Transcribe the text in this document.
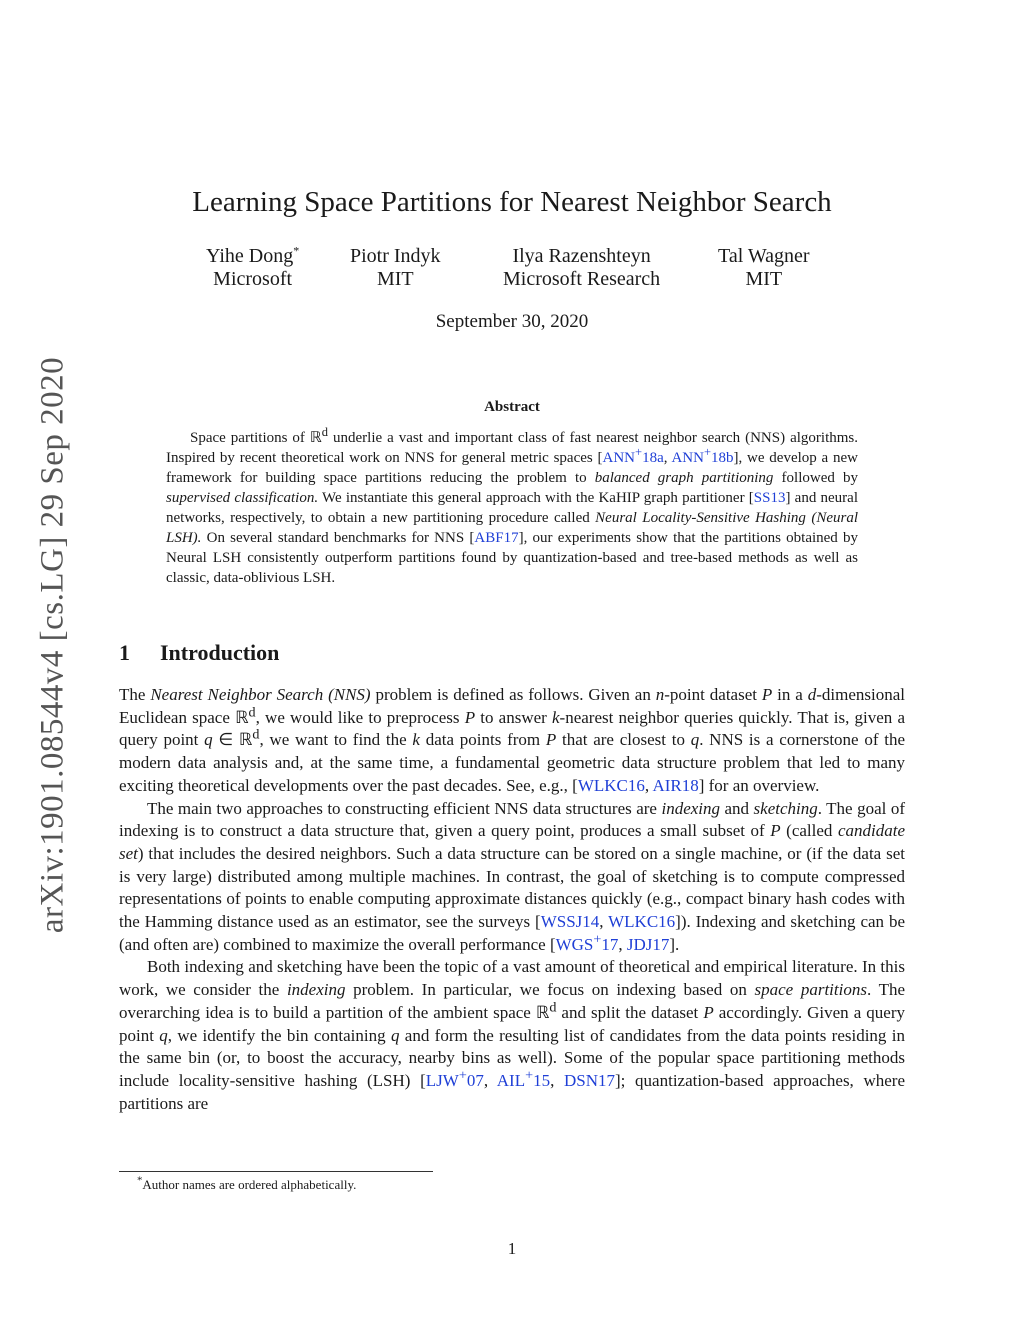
arXiv:1901.08544v4 [cs.LG] 29 Sep 2020
Learning Space Partitions for Nearest Neighbor Search
Yihe Dong*
Microsoft
Piotr Indyk
MIT
Ilya Razenshteyn
Microsoft Research
Tal Wagner
MIT
September 30, 2020
Abstract

Space partitions of ℝ$^d$ underlie a vast and important class of fast nearest neighbor search (NNS) algorithms. Inspired by recent theoretical work on NNS for general metric spaces [ANN+18a, ANN+18b], we develop a new framework for building space partitions reducing the problem to balanced graph partitioning followed by supervised classification. We instantiate this general approach with the KaHIP graph partitioner [SS13] and neural networks, respectively, to obtain a new partitioning procedure called Neural Locality-Sensitive Hashing (Neural LSH). On several standard benchmarks for NNS [ABF17], our experiments show that the partitions obtained by Neural LSH consistently outperform partitions found by quantization-based and tree-based methods as well as classic, data-oblivious LSH.

1 Introduction

The Nearest Neighbor Search (NNS) problem is defined as follows. Given an n-point dataset P in a d-dimensional Euclidean space ℝ$^d$, we would like to preprocess P to answer k-nearest neighbor queries quickly. That is, given a query point q ∈ ℝ$^d$, we want to find the k data points from P that are closest to q. NNS is a cornerstone of the modern data analysis and, at the same time, a fundamental geometric data structure problem that led to many exciting theoretical developments over the past decades. See, e.g., [WLKC16, AIR18] for an overview.

The main two approaches to constructing efficient NNS data structures are indexing and sketching. The goal of indexing is to construct a data structure that, given a query point, produces a small subset of P (called candidate set) that includes the desired neighbors. Such a data structure can be stored on a single machine, or (if the data set is very large) distributed among multiple machines. In contrast, the goal of sketching is to compute compressed representations of points to enable computing approximate distances quickly (e.g., compact binary hash codes with the Hamming distance used as an estimator, see the surveys [WSSJ14, WLKC16]). Indexing and sketching can be (and often are) combined to maximize the overall performance [WGS+17, JDJ17].

Both indexing and sketching have been the topic of a vast amount of theoretical and empirical literature. In this work, we consider the indexing problem. In particular, we focus on indexing based on space partitions. The overarching idea is to build a partition of the ambient space ℝ$^d$ and split the dataset P accordingly. Given a query point q, we identify the bin containing q and form the resulting list of candidates from the data points residing in the same bin (or, to boost the accuracy, nearby bins as well). Some of the popular space partitioning methods include locality-sensitive hashing (LSH) [LJW+07, AIL+15, DSN17]; quantization-based approaches, where partitions are

*Author names are ordered alphabetically.
1
